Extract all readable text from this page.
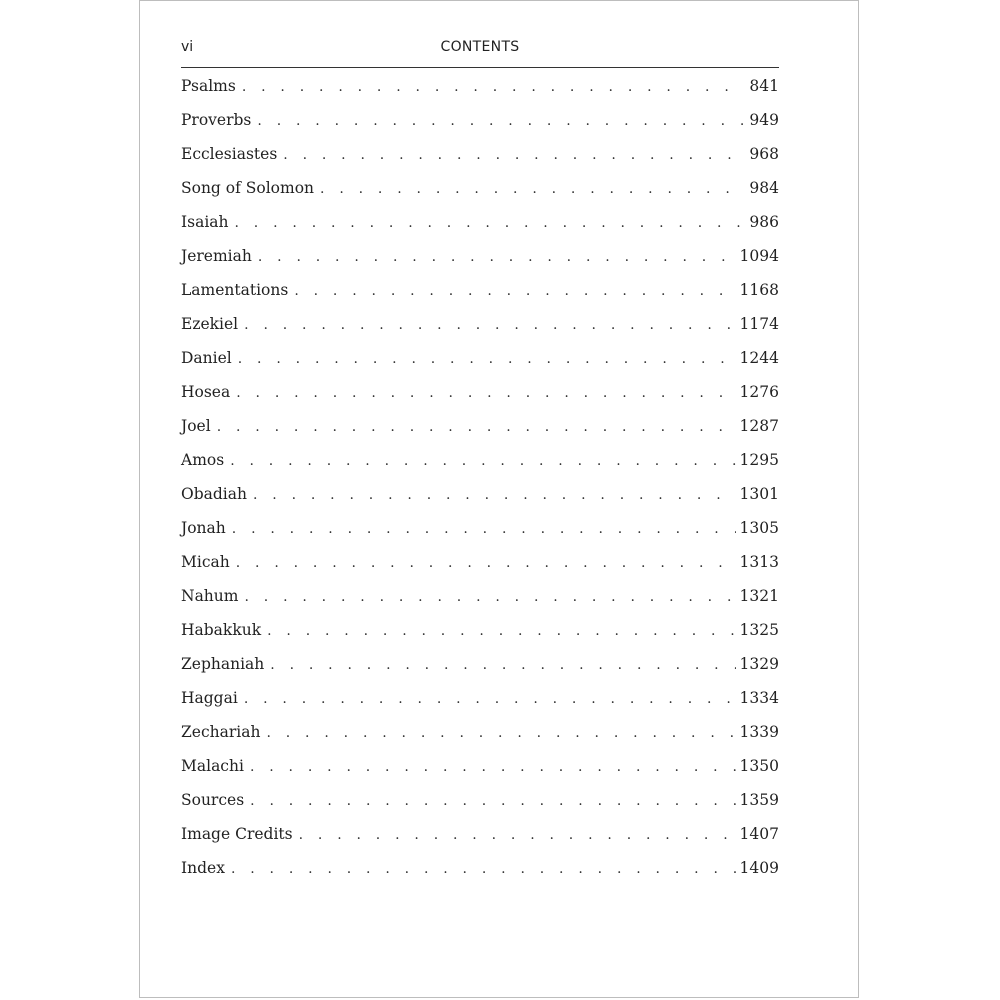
vi	CONTENTS
Psalms . . .	841
Proverbs . . .	949
Ecclesiastes . . .	968
Song of Solomon . . .	984
Isaiah . . .	986
Jeremiah . . .	1094
Lamentations . . .	1168
Ezekiel . . .	1174
Daniel . . .	1244
Hosea . . .	1276
Joel . . .	1287
Amos . . .	1295
Obadiah . . .	1301
Jonah . . .	1305
Micah . . .	1313
Nahum . . .	1321
Habakkuk . . .	1325
Zephaniah . . .	1329
Haggai . . .	1334
Zechariah . . .	1339
Malachi . . .	1350
Sources . . .	1359
Image Credits . . .	1407
Index . . .	1409
